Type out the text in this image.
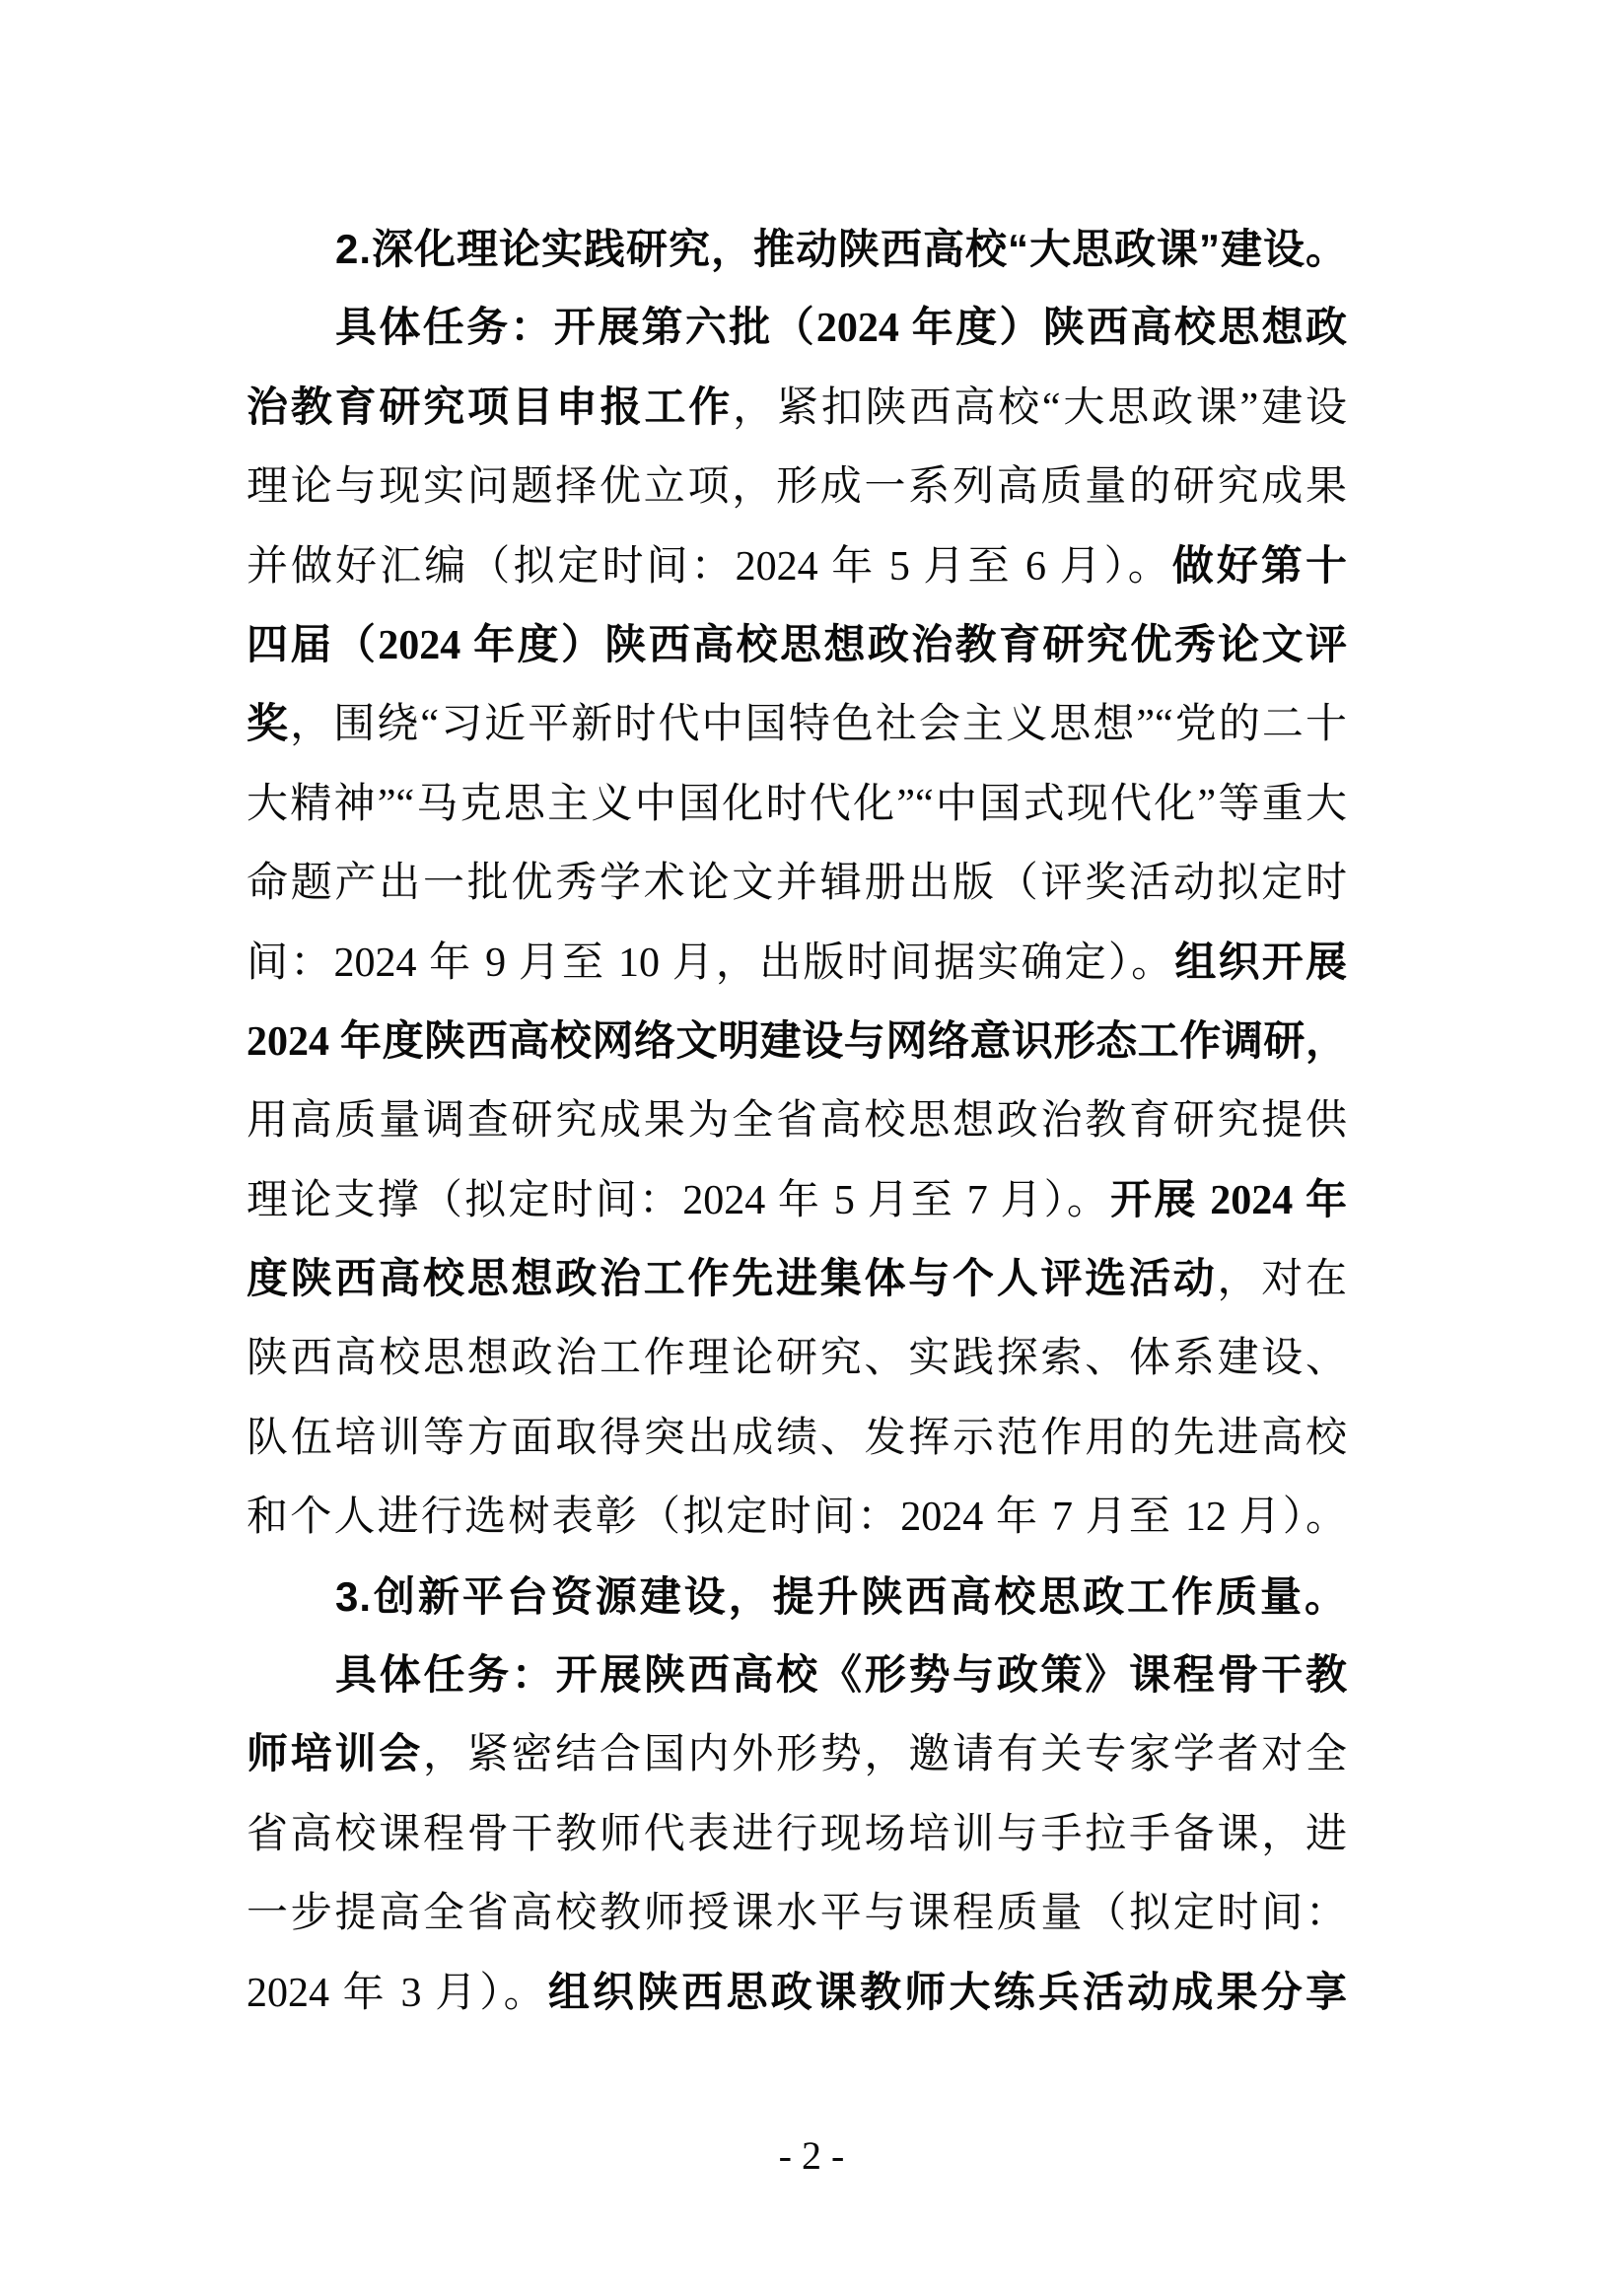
2.深化理论实践研究，推动陕西高校“大思政课”建设。
具体任务：开展第六批（2024 年度）陕西高校思想政
治教育研究项目申报工作，紧扣陕西高校“大思政课”建设
理论与现实问题择优立项，形成一系列高质量的研究成果
并做好汇编（拟定时间：2024 年 5 月至 6 月）。做好第十
四届（2024 年度）陕西高校思想政治教育研究优秀论文评
奖，围绕“习近平新时代中国特色社会主义思想”“党的二十
大精神”“马克思主义中国化时代化”“中国式现代化”等重大
命题产出一批优秀学术论文并辑册出版（评奖活动拟定时
间：2024 年 9 月至 10 月，出版时间据实确定）。组织开展
2024 年度陕西高校网络文明建设与网络意识形态工作调研，
用高质量调查研究成果为全省高校思想政治教育研究提供
理论支撑（拟定时间：2024 年 5 月至 7 月）。开展 2024 年
度陕西高校思想政治工作先进集体与个人评选活动，对在
陕西高校思想政治工作理论研究、实践探索、体系建设、
队伍培训等方面取得突出成绩、发挥示范作用的先进高校
和个人进行选树表彰（拟定时间：2024 年 7 月至 12 月）。
3.创新平台资源建设，提升陕西高校思政工作质量。
具体任务：开展陕西高校《形势与政策》课程骨干教
师培训会，紧密结合国内外形势，邀请有关专家学者对全
省高校课程骨干教师代表进行现场培训与手拉手备课，进
一步提高全省高校教师授课水平与课程质量（拟定时间：
2024 年 3 月）。组织陕西思政课教师大练兵活动成果分享
- 2 -
